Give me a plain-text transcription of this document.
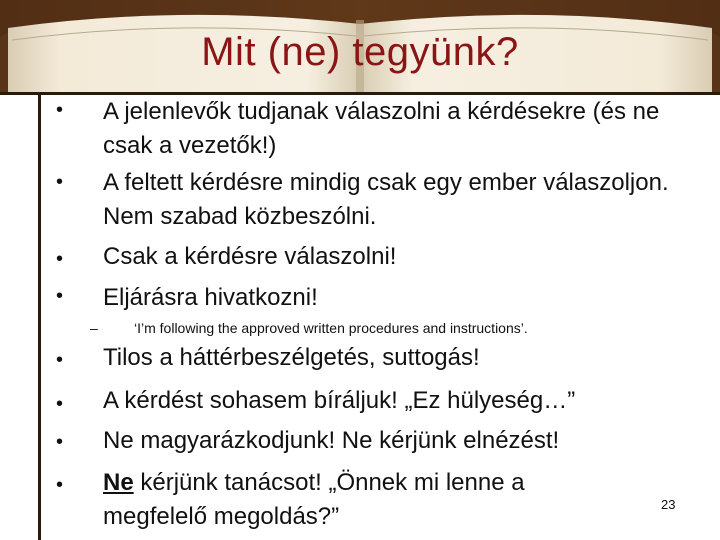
Mit (ne) tegyünk?
• A jelenlevők tudjanak válaszolni a kérdésekre (és ne csak a vezetők!)
• A feltett kérdésre mindig csak egy ember válaszoljon. Nem szabad közbeszólni.
• Csak a kérdésre válaszolni!
• Eljárásra hivatkozni!
–	‘I’m following the approved written procedures and instructions’.
• Tilos a háttérbeszélgetés, suttogás!
• A kérdést sohasem bíráljuk! „Ez hülyeség…”
• Ne magyarázkodjunk! Ne kérjünk elnézést!
• Ne kérjünk tanácsot! „Önnek mi lenne a megfelelő megoldás?”	23
